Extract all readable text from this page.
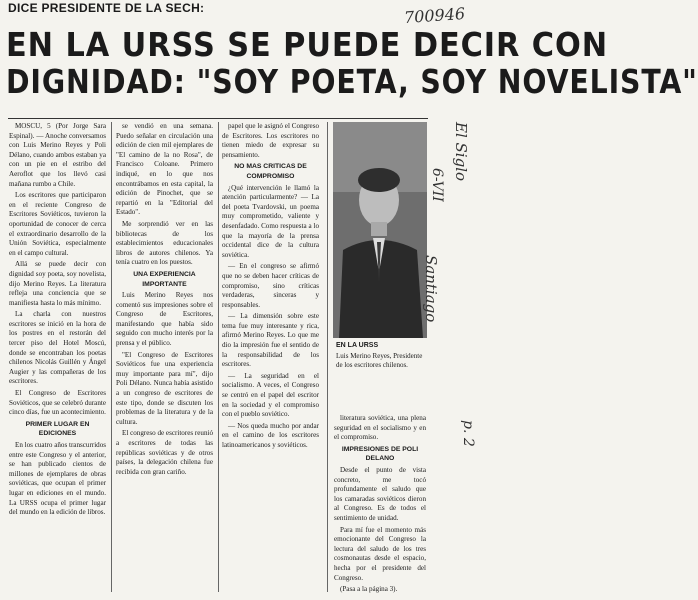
DICE PRESIDENTE DE LA SECH:	700946
EN LA URSS SE PUEDE DECIR CON
DIGNIDAD: "SOY POETA, SOY NOVELISTA"

MOSCU, 5 (Por Jorge Sara Espinal). — Anoche conversamos con Luis Merino Reyes y Poli Délano, cuando ambos estaban ya con un pie en el estribo del Aeroflot que los llevó casi mañana rumbo a Chile.

Los escritores que participaron en el reciente Congreso de Escritores Soviéticos, tuvieron la oportunidad de conocer de cerca el extraordinario desarrollo de la Unión Soviética, especialmente en el campo cultural.

Allá se puede decir con dignidad soy poeta, soy novelista, dijo Merino Reyes. La literatura refleja una conciencia que se manifiesta hasta lo más mínimo.

La charla con nuestros escritores se inició en la hora de los postres en el restorán del tercer piso del Hotel Moscú, donde se encontraban los poetas chilenos Nicolás Guillén y Ángel Augier y las compañeras de los escritores.

El Congreso de Escritores Soviéticos, que se celebró durante cinco días, fue un acontecimiento.

PRIMER LUGAR EN EDICIONES

En los cuatro años transcurridos entre este Congreso y el anterior, se han publicado cientos de millones de ejemplares de obras soviéticas, que ocupan el primer lugar en ediciones en el mundo. La URSS ocupa el primer lugar del mundo en la edición de libros.

se vendió en una semana. Puedo señalar en circulación una edición de cien mil ejemplares de "El camino de la no Rosa", de Francisco Coloane. Primero indiqué, en lo que nos encontrábamos en esta capital, la edición de Pinochet, que se repartió en la "Editorial del Estado".

Me sorprendió ver en las bibliotecas de los establecimientos educacionales libros de autores chilenos. Ya tenía cuatro en los puestos.

UNA EXPERIENCIA IMPORTANTE

Luis Merino Reyes nos comentó sus impresiones sobre el Congreso de Escritores, manifestando que había sido seguido con mucho interés por la prensa y el público.

"El Congreso de Escritores Soviéticos fue una experiencia muy importante para mí", dijo Poli Délano. Nunca había asistido a un congreso de escritores de este tipo, donde se discuten los problemas de la literatura y de la cultura.

El congreso de escritores reunió a escritores de todas las repúblicas soviéticas y de otros países, la delegación chilena fue recibida con gran cariño.

papel que le asignó el Congreso de Escritores. Los escritores no tienen miedo de expresar su pensamiento.

NO MAS CRITICAS DE COMPROMISO

¿Qué intervención le llamó la atención particularmente? — La del poeta Tvardovski, un poema muy comprometido, valiente y desenfadado. Como respuesta a lo que la mayoría de la prensa occidental dice de la cultura soviética.

— En el congreso se afirmó que no se deben hacer críticas de compromiso, sino críticas verdaderas, sinceras y responsables.

— La dimensión sobre este tema fue muy interesante y rica, afirmó Merino Reyes. Lo que me dio la impresión fue el sentido de la responsabilidad de los escritores.

— La seguridad en el socialismo. A veces, el Congreso se centró en el papel del escritor en la sociedad y el compromiso con el pueblo soviético.

— Nos queda mucho por andar en el camino de los escritores latinoamericanos y soviéticos.

EN LA URSS
Luis Merino Reyes, Presidente de los escritores chilenos.

literatura soviética, una plena seguridad en el socialismo y en el compromiso.

IMPRESIONES DE POLI DELANO

Desde el punto de vista concreto, me tocó profundamente el saludo que los camaradas soviéticos dieron al Congreso. Es de todos el sentimiento de unidad.

Para mí fue el momento más emocionante del Congreso la lectura del saludo de los tres cosmonautas desde el espacio, hecha por el presidente del Congreso.

(Pasa a la página 3).

El Siglo
6-VII
Santiago
p. 2
